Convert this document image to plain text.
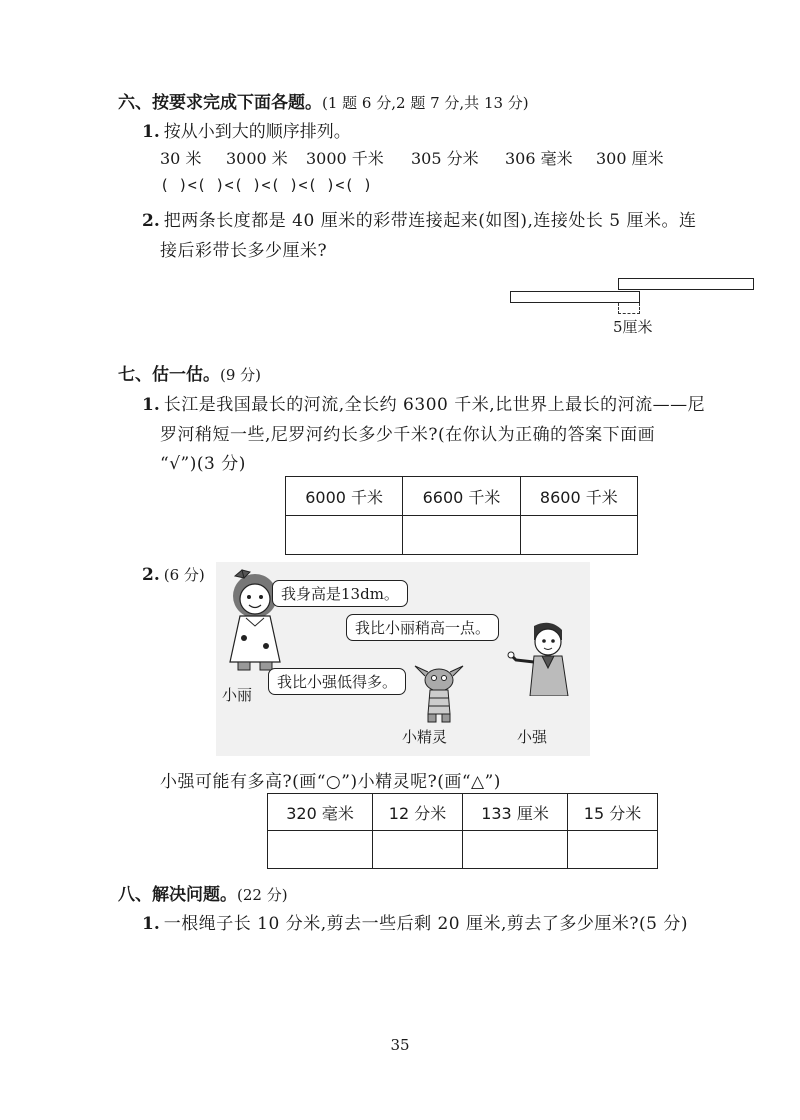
六、按要求完成下面各题。(1 题 6 分,2 题 7 分,共 13 分)
1. 按从小到大的顺序排列。
30 米 3000 米 3000 千米 305 分米 306 毫米 300 厘米
( )<( )<( )<( )<( )<( )
2. 把两条长度都是 40 厘米的彩带连接起来(如图),连接处长 5 厘米。连
接后彩带长多少厘米?
5厘米
七、估一估。(9 分)
1. 长江是我国最长的河流,全长约 6300 千米,比世界上最长的河流——尼
罗河稍短一些,尼罗河约长多少千米?(在你认为正确的答案下面画
“√”)(3 分)
6000 千米	6600 千米	8600 千米

2. (6 分)
我身高是13dm。
我比小丽稍高一点。
我比小强低得多。
小丽
小精灵	小强
小强可能有多高?(画“○”)小精灵呢?(画“△”)
320 毫米	12 分米	133 厘米	15 分米

八、解决问题。(22 分)
1. 一根绳子长 10 分米,剪去一些后剩 20 厘米,剪去了多少厘米?(5 分)
35
